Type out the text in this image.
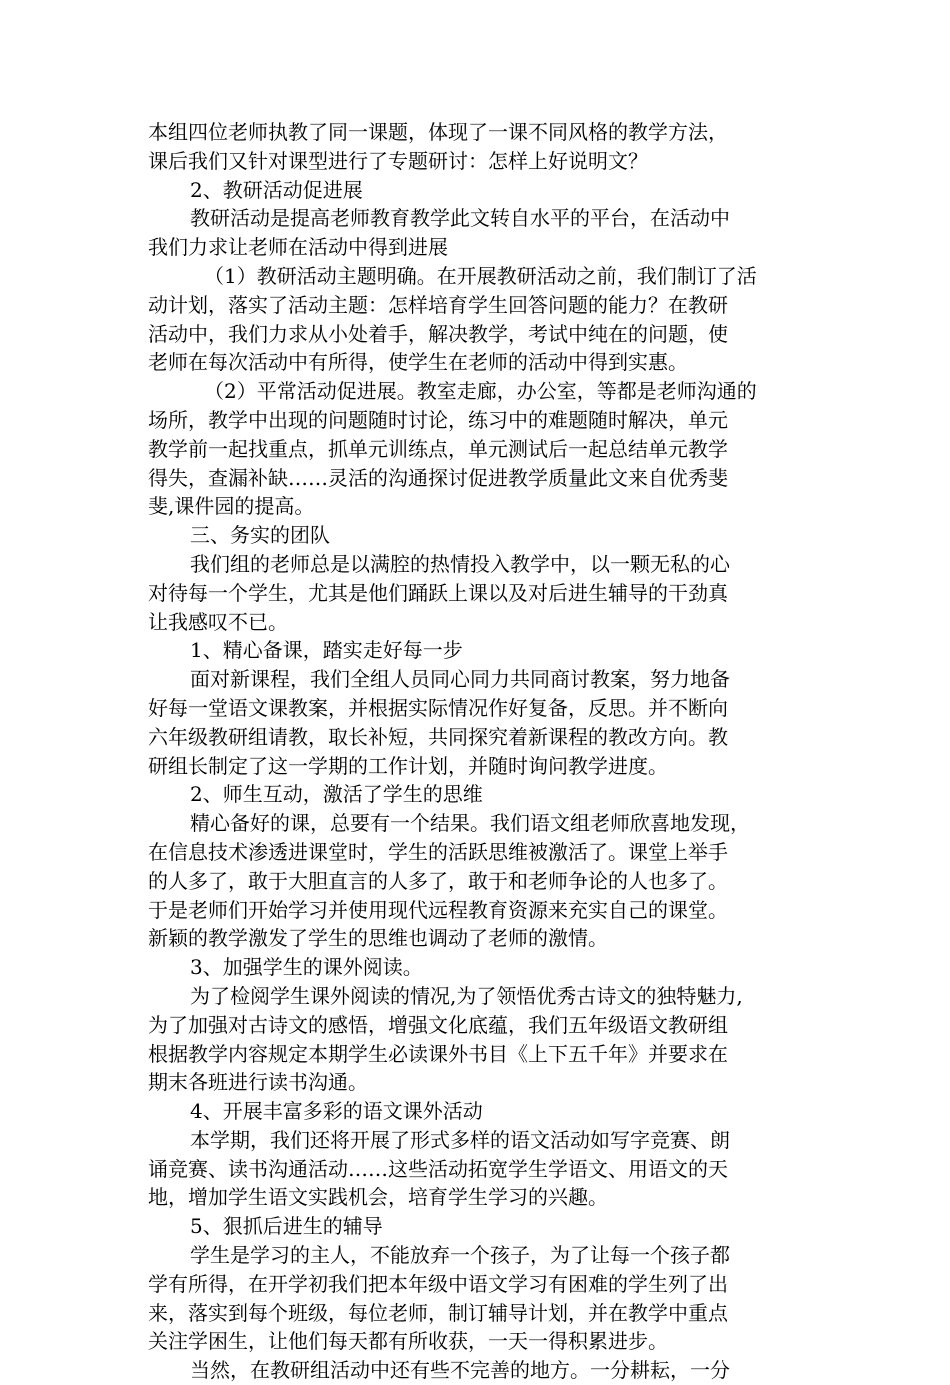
本组四位老师执教了同一课题，体现了一课不同风格的教学方法，
课后我们又针对课型进行了专题研讨：怎样上好说明文？
2、教研活动促进展
教研活动是提高老师教育教学此文转自水平的平台，在活动中
我们力求让老师在活动中得到进展
（1）教研活动主题明确。在开展教研活动之前，我们制订了活
动计划，落实了活动主题：怎样培育学生回答问题的能力？在教研
活动中，我们力求从小处着手，解决教学，考试中纯在的问题，使
老师在每次活动中有所得，使学生在老师的活动中得到实惠。
（2）平常活动促进展。教室走廊，办公室，等都是老师沟通的
场所，教学中出现的问题随时讨论，练习中的难题随时解决，单元
教学前一起找重点，抓单元训练点，单元测试后一起总结单元教学
得失，查漏补缺……灵活的沟通探讨促进教学质量此文来自优秀斐
斐,课件园的提高。
三、务实的团队
我们组的老师总是以满腔的热情投入教学中，以一颗无私的心
对待每一个学生，尤其是他们踊跃上课以及对后进生辅导的干劲真
让我感叹不已。
1、精心备课，踏实走好每一步
面对新课程，我们全组人员同心同力共同商讨教案，努力地备
好每一堂语文课教案，并根据实际情况作好复备，反思。并不断向
六年级教研组请教，取长补短，共同探究着新课程的教改方向。教
研组长制定了这一学期的工作计划，并随时询问教学进度。
2、师生互动，激活了学生的思维
精心备好的课，总要有一个结果。我们语文组老师欣喜地发现，
在信息技术渗透进课堂时，学生的活跃思维被激活了。课堂上举手
的人多了，敢于大胆直言的人多了，敢于和老师争论的人也多了。
于是老师们开始学习并使用现代远程教育资源来充实自己的课堂。
新颖的教学激发了学生的思维也调动了老师的激情。
3、加强学生的课外阅读。
为了检阅学生课外阅读的情况,为了领悟优秀古诗文的独特魅力,
为了加强对古诗文的感悟，增强文化底蕴，我们五年级语文教研组
根据教学内容规定本期学生必读课外书目《上下五千年》并要求在
期末各班进行读书沟通。
4、开展丰富多彩的语文课外活动
本学期，我们还将开展了形式多样的语文活动如写字竞赛、朗
诵竞赛、读书沟通活动……这些活动拓宽学生学语文、用语文的天
地，增加学生语文实践机会，培育学生学习的兴趣。
5、狠抓后进生的辅导
学生是学习的主人，不能放弃一个孩子，为了让每一个孩子都
学有所得，在开学初我们把本年级中语文学习有困难的学生列了出
来，落实到每个班级，每位老师，制订辅导计划，并在教学中重点
关注学困生，让他们每天都有所收获，一天一得积累进步。
当然，在教研组活动中还有些不完善的地方。一分耕耘，一分
